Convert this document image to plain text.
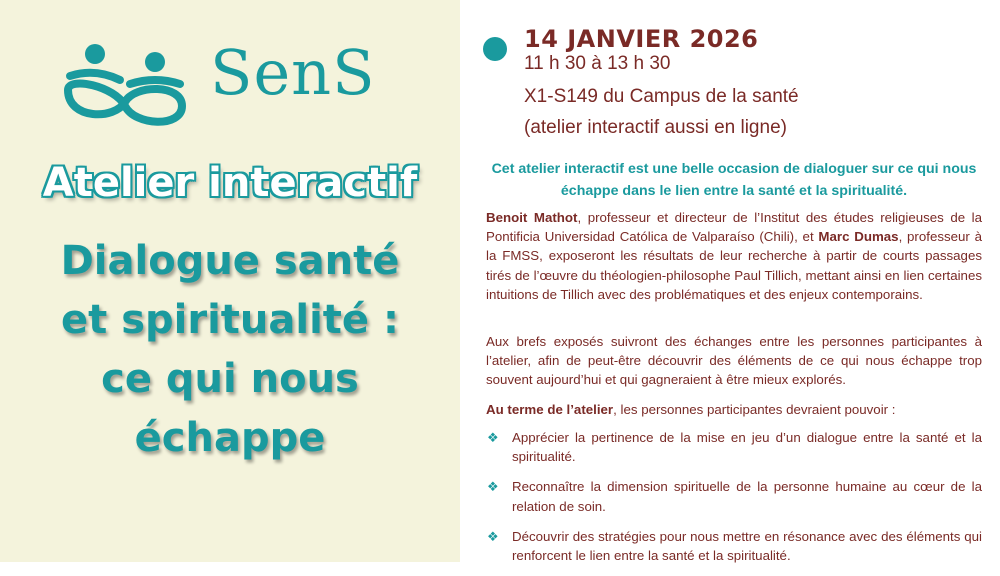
SenS
Atelier interactif
Dialogue santé
et spiritualité :
ce qui nous
échappe
14 JANVIER 2026
11 h 30 à 13 h 30
X1-S149 du Campus de la santé
(atelier interactif aussi en ligne)
Cet atelier interactif est une belle occasion de dialoguer sur ce qui nous échappe dans le lien entre la santé et la spiritualité.
Benoit Mathot, professeur et directeur de l’Institut des études religieuses de la Pontificia Universidad Católica de Valparaíso (Chili), et Marc Dumas, professeur à la FMSS, exposeront les résultats de leur recherche à partir de courts passages tirés de l’œuvre du théologien-philosophe Paul Tillich, mettant ainsi en lien certaines intuitions de Tillich avec des problématiques et des enjeux contemporains.
Aux brefs exposés suivront des échanges entre les personnes participantes à l’atelier, afin de peut-être découvrir des éléments de ce qui nous échappe trop souvent aujourd’hui et qui gagneraient à être mieux explorés.
Au terme de l’atelier, les personnes participantes devraient pouvoir :
❖ Apprécier la pertinence de la mise en jeu d’un dialogue entre la santé et la spiritualité.
❖ Reconnaître la dimension spirituelle de la personne humaine au cœur de la relation de soin.
❖ Découvrir des stratégies pour nous mettre en résonance avec des éléments qui renforcent le lien entre la santé et la spiritualité.
